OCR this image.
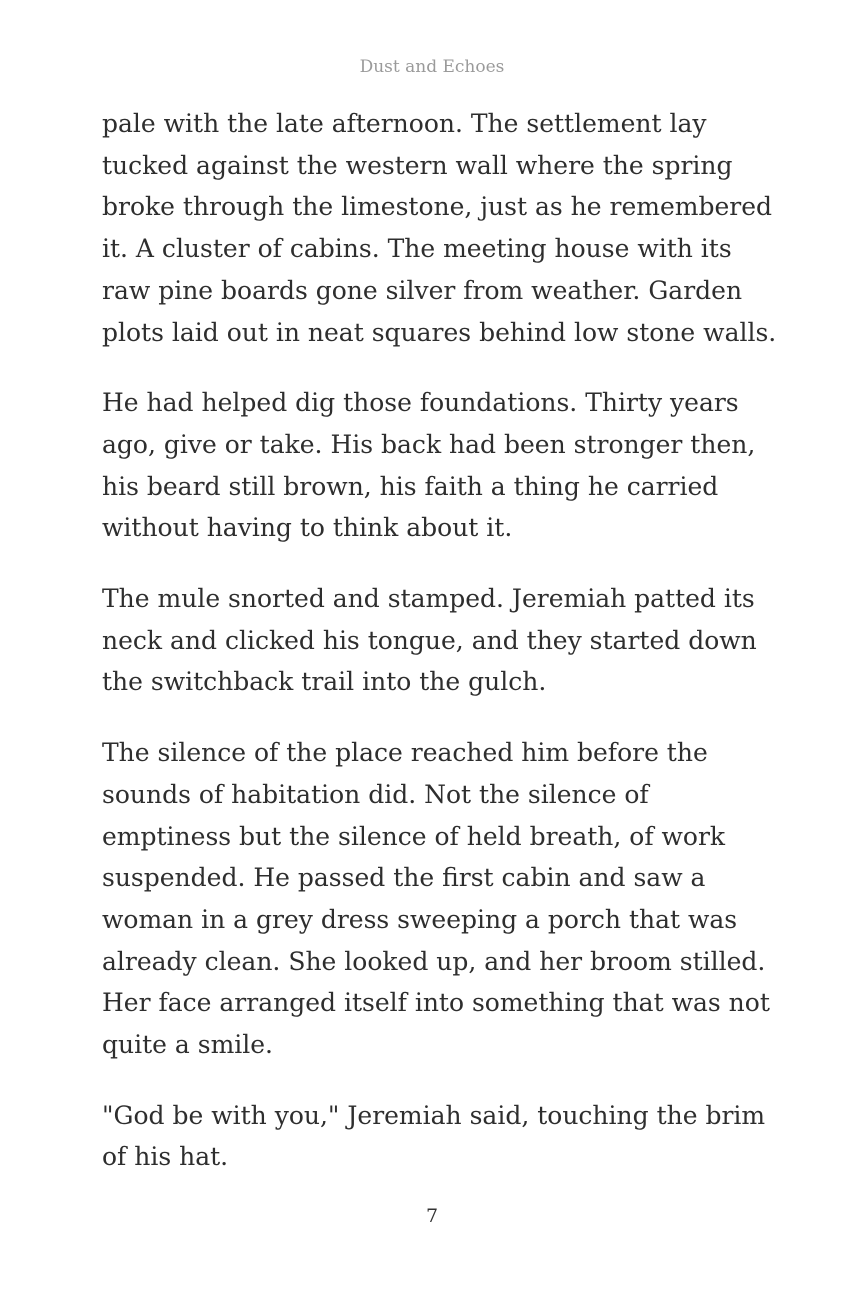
Dust and Echoes

pale with the late afternoon. The settlement lay tucked against the western wall where the spring broke through the limestone, just as he remembered it. A cluster of cabins. The meeting house with its raw pine boards gone silver from weather. Garden plots laid out in neat squares behind low stone walls.

He had helped dig those foundations. Thirty years ago, give or take. His back had been stronger then, his beard still brown, his faith a thing he carried without having to think about it.

The mule snorted and stamped. Jeremiah patted its neck and clicked his tongue, and they started down the switchback trail into the gulch.

The silence of the place reached him before the sounds of habitation did. Not the silence of emptiness but the silence of held breath, of work suspended. He passed the first cabin and saw a woman in a grey dress sweeping a porch that was already clean. She looked up, and her broom stilled. Her face arranged itself into something that was not quite a smile.

"God be with you," Jeremiah said, touching the brim of his hat.

7
